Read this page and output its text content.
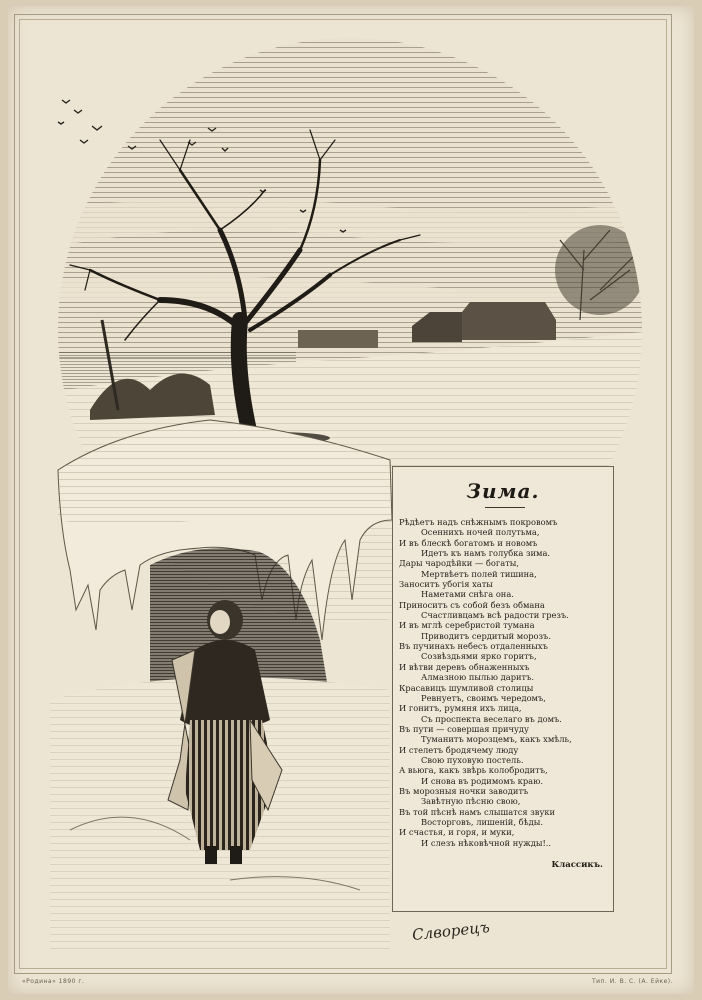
Зима.
Рѣдѣетъ надъ снѣжнымъ покровомъ
Осеннихъ ночей полутьма,
И въ блескѣ богатомъ и новомъ
Идетъ къ намъ голубка зима.
Дары чародѣйки — богаты,
Мертвѣетъ полей тишина,
Заноситъ убогія хаты
Наметами снѣга она.
Приноситъ съ собой безъ обмана
Счастливцамъ всѣ радости грезъ.
И въ мглѣ серебристой тумана
Приводитъ сердитый морозъ.
Въ пучинахъ небесъ отдаленныхъ
Созвѣздьями ярко горитъ,
И вѣтви деревъ обнаженныхъ
Алмазною пылью даритъ.
Красавицъ шумливой столицы
Ревнуетъ, своимъ чередомъ,
И гонитъ, румяня ихъ лица,
Съ проспекта веселаго въ домъ.
Въ пути — совершая причуду
Туманитъ морозцемъ, какъ хмѣль,
И стелетъ бродячему люду
Свою пуховую постель.
А вьюга, какъ звѣрь колобродитъ,
И снова въ родимомъ краю.
Въ морозныя ночки заводитъ
Завѣтную пѣсню свою,
Въ той пѣснѣ намъ слышатся звуки
Восторговъ, лишеній, бѣды.
И счастья, и горя, и муки,
И слезъ нѣковѣчной нужды!..
Классикъ.
Слворецъ
«Родина» 1890 г.	Тип. И. В. С. (А. Ейке).
